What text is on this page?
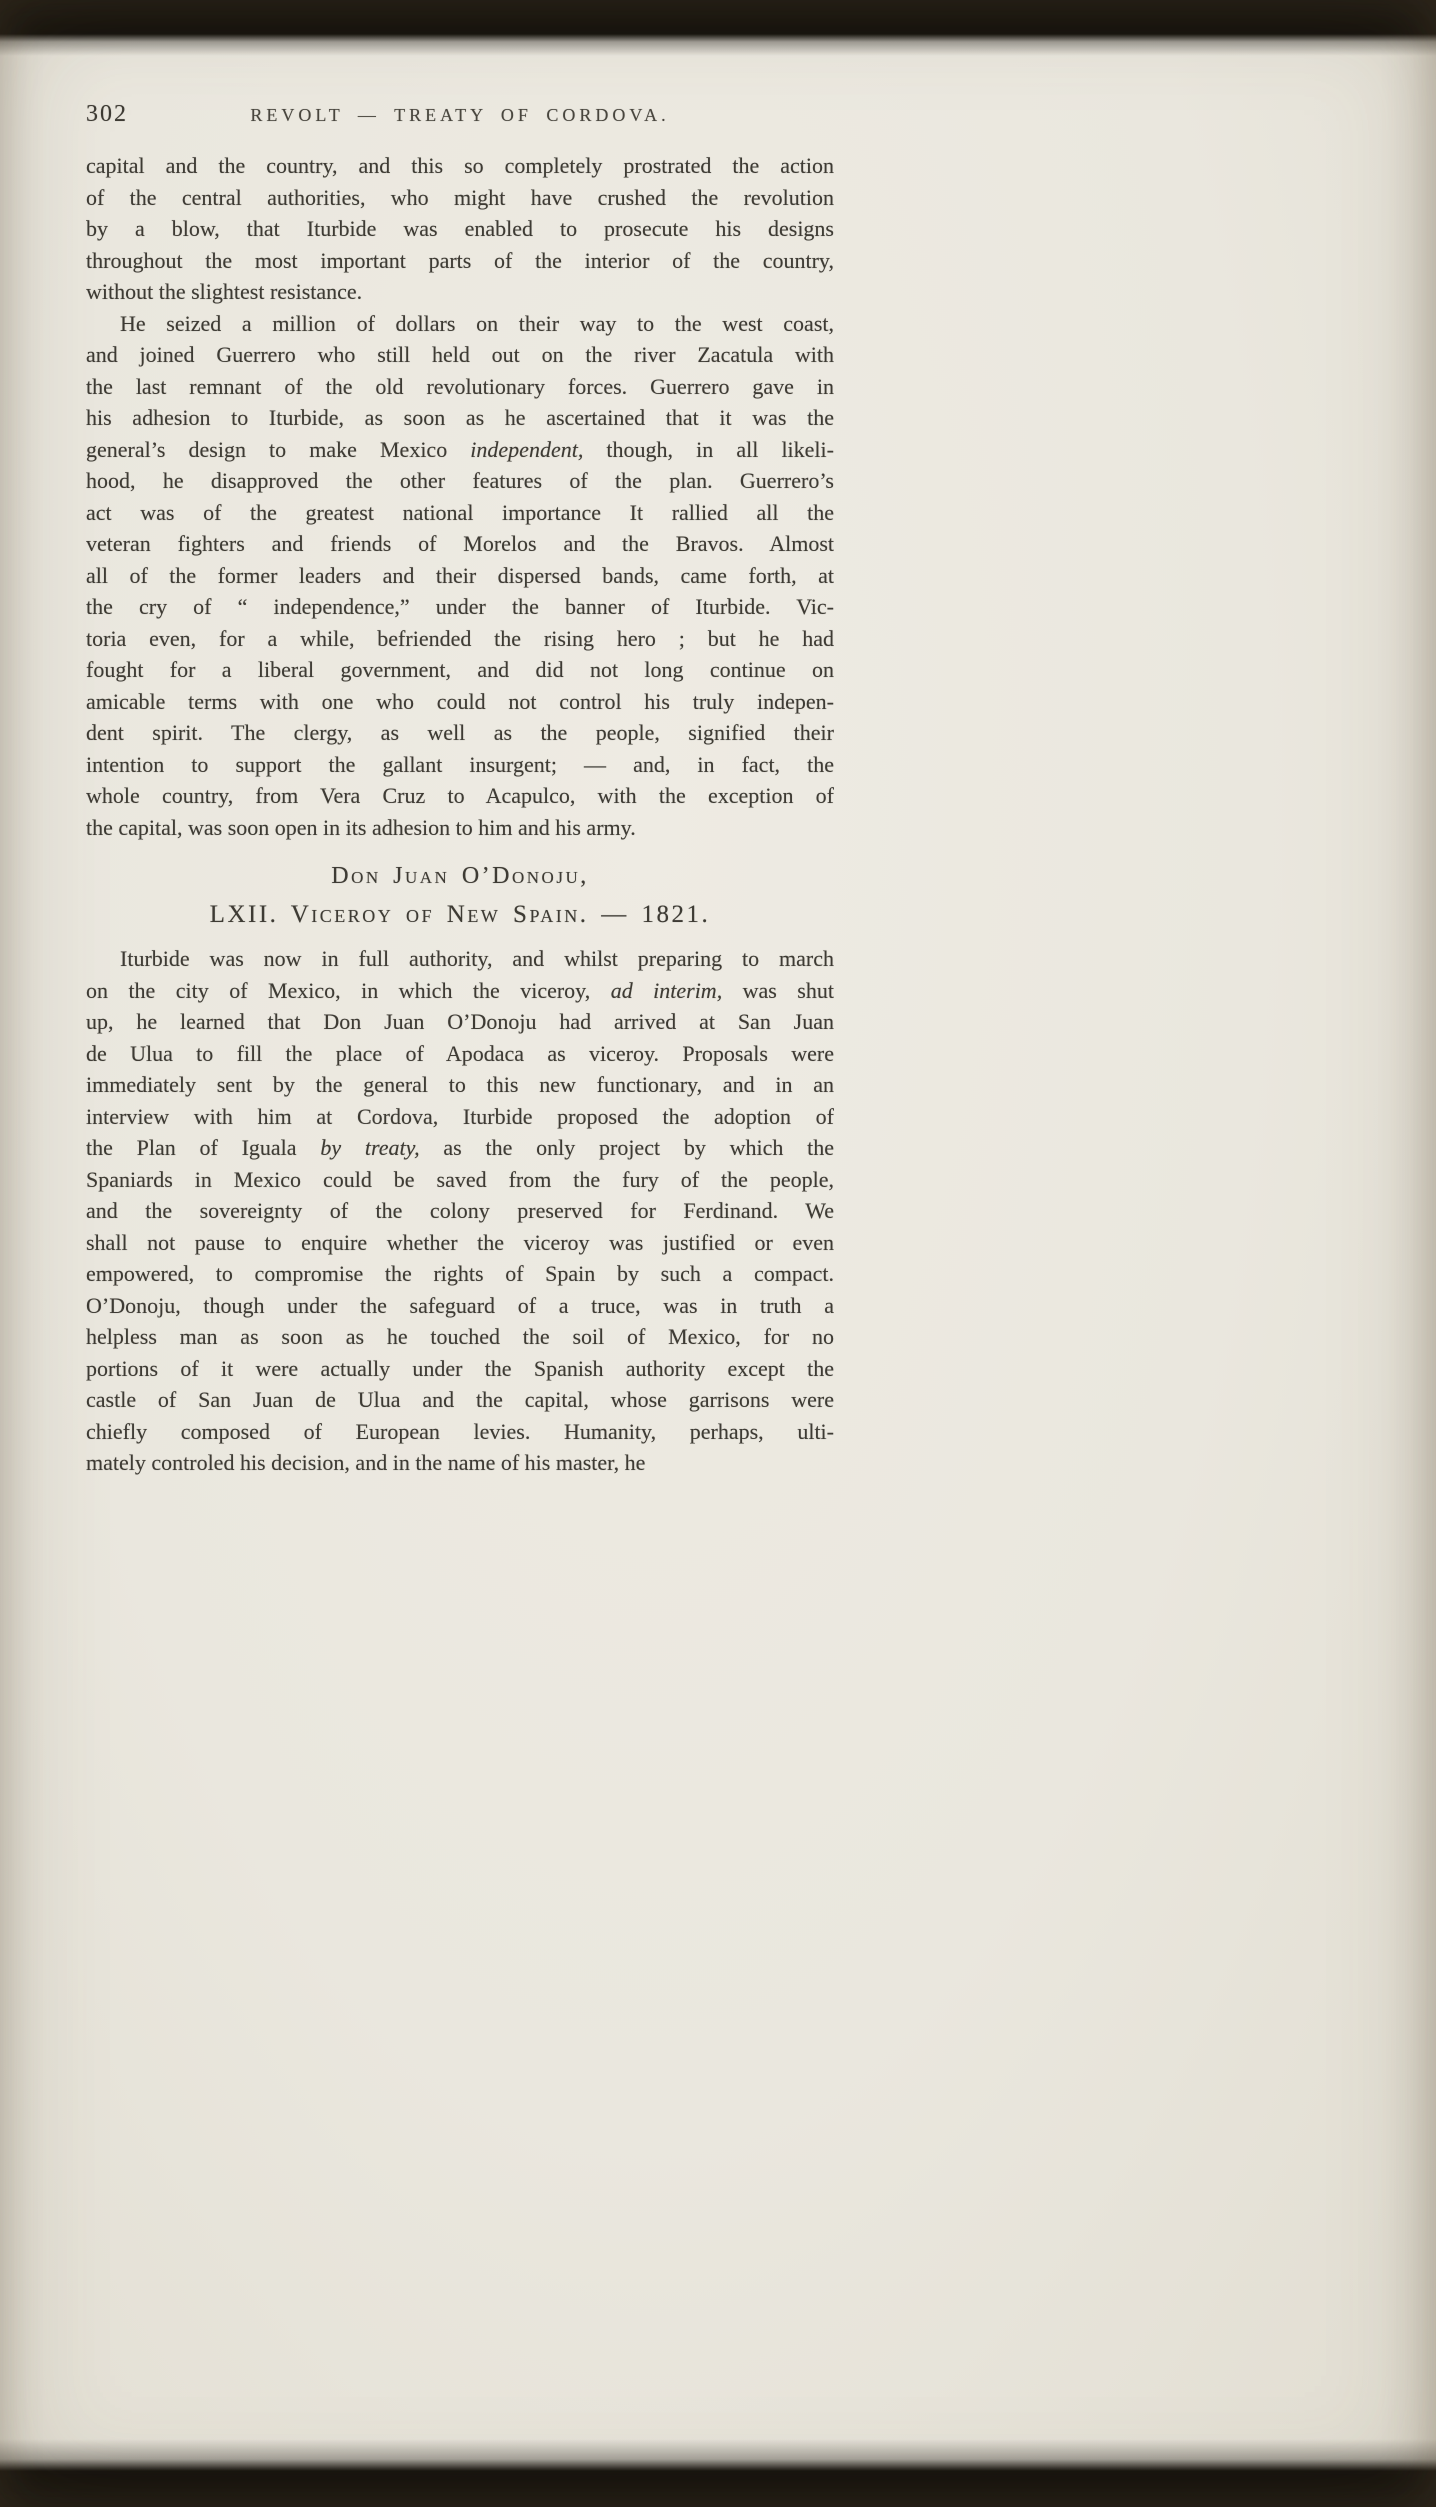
302	REVOLT — TREATY OF CORDOVA.
capital and the country, and this so completely prostrated the action
of the central authorities, who might have crushed the revolution
by a blow, that Iturbide was enabled to prosecute his designs
throughout the most important parts of the interior of the country,
without the slightest resistance.
He seized a million of dollars on their way to the west coast,
and joined Guerrero who still held out on the river Zacatula with
the last remnant of the old revolutionary forces. Guerrero gave in
his adhesion to Iturbide, as soon as he ascertained that it was the
general’s design to make Mexico independent, though, in all likeli-
hood, he disapproved the other features of the plan. Guerrero’s
act was of the greatest national importance It rallied all the
veteran fighters and friends of Morelos and the Bravos. Almost
all of the former leaders and their dispersed bands, came forth, at
the cry of “ independence,” under the banner of Iturbide. Vic-
toria even, for a while, befriended the rising hero ; but he had
fought for a liberal government, and did not long continue on
amicable terms with one who could not control his truly indepen-
dent spirit. The clergy, as well as the people, signified their
intention to support the gallant insurgent; — and, in fact, the
whole country, from Vera Cruz to Acapulco, with the exception of
the capital, was soon open in its adhesion to him and his army.
Don Juan O’Donoju,
LXII. Viceroy of New Spain. — 1821.
Iturbide was now in full authority, and whilst preparing to march
on the city of Mexico, in which the viceroy, ad interim, was shut
up, he learned that Don Juan O’Donoju had arrived at San Juan
de Ulua to fill the place of Apodaca as viceroy. Proposals were
immediately sent by the general to this new functionary, and in an
interview with him at Cordova, Iturbide proposed the adoption of
the Plan of Iguala by treaty, as the only project by which the
Spaniards in Mexico could be saved from the fury of the people,
and the sovereignty of the colony preserved for Ferdinand. We
shall not pause to enquire whether the viceroy was justified or even
empowered, to compromise the rights of Spain by such a compact.
O’Donoju, though under the safeguard of a truce, was in truth a
helpless man as soon as he touched the soil of Mexico, for no
portions of it were actually under the Spanish authority except the
castle of San Juan de Ulua and the capital, whose garrisons were
chiefly composed of European levies. Humanity, perhaps, ulti-
mately controled his decision, and in the name of his master, he
